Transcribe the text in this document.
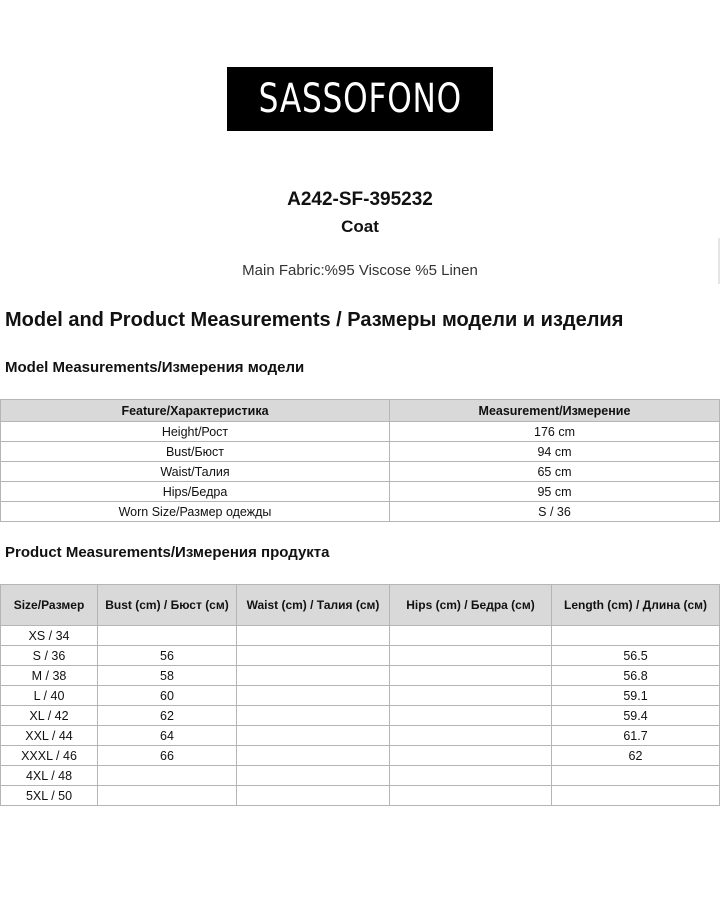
SASSOFONO
A242-SF-395232
Coat
Main Fabric:%95 Viscose %5 Linen
Model and Product Measurements / Размеры модели и изделия
Model Measurements/Измерения модели
Feature/Характеристика	Measurement/Измерение
Height/Рост	176 cm
Bust/Бюст	94 cm
Waist/Талия	65 cm
Hips/Бедра	95 cm
Worn Size/Размер одежды	S / 36
Product Measurements/Измерения продукта
Size/Размер	Bust (cm) / Бюст (см)	Waist (cm) / Талия (см)	Hips (cm) / Бедра (см)	Length (cm) / Длина (см)
XS / 34				
S / 36	56			56.5
M / 38	58			56.8
L / 40	60			59.1
XL / 42	62			59.4
XXL / 44	64			61.7
XXXL / 46	66			62
4XL / 48				
5XL / 50				
